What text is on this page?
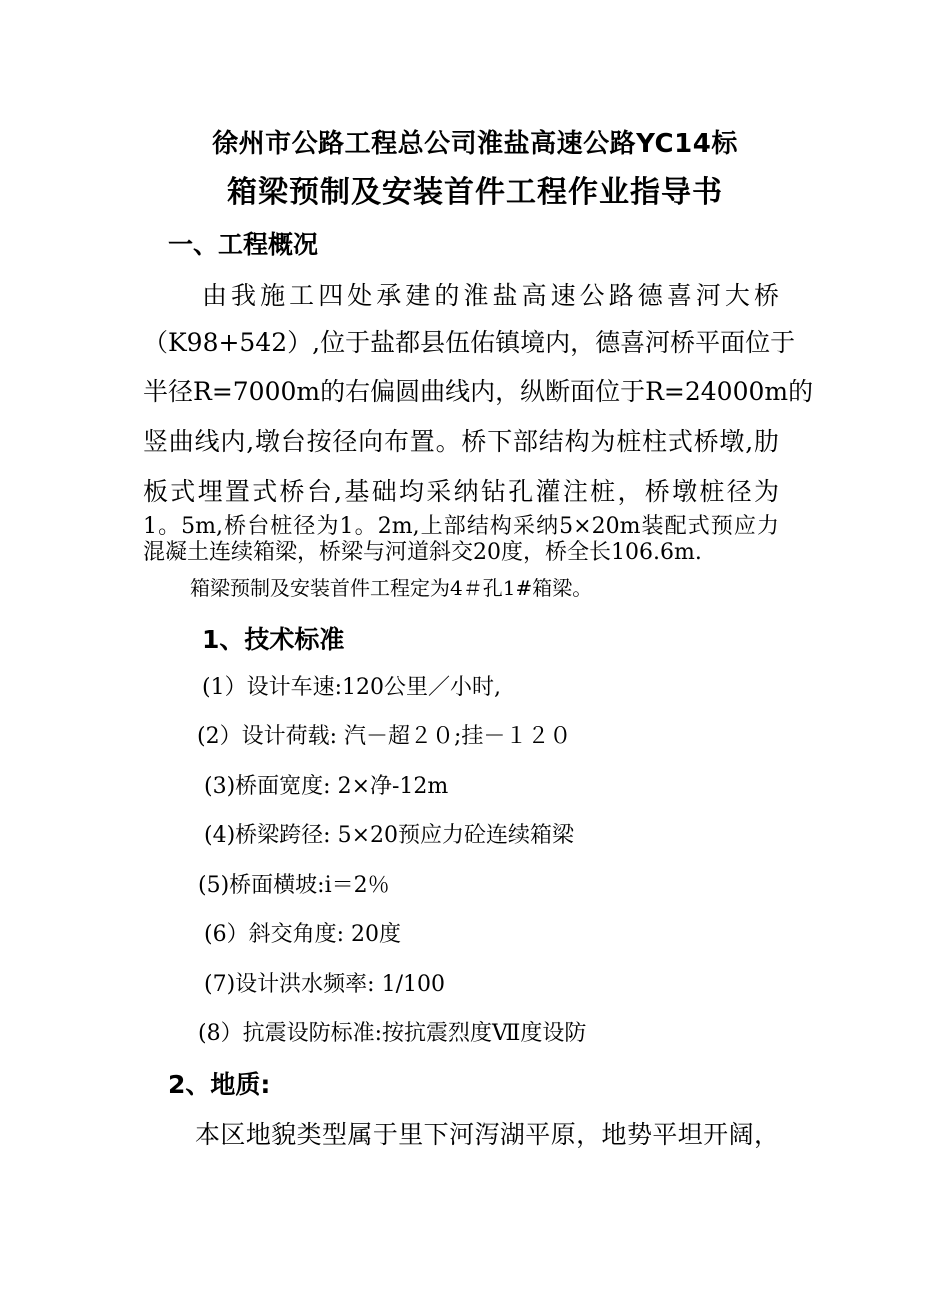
徐州市公路工程总公司淮盐高速公路YC14标
箱梁预制及安装首件工程作业指导书
一、工程概况
由我施工四处承建的淮盐高速公路德喜河大桥
（K98+542）,位于盐都县伍佑镇境内，德喜河桥平面位于
半径R=7000m的右偏圆曲线内，纵断面位于R=24000m的
竖曲线内,墩台按径向布置。桥下部结构为桩柱式桥墩,肋
板式埋置式桥台,基础均采纳钻孔灌注桩，桥墩桩径为
1。5m,桥台桩径为1。2m,上部结构采纳5×20m装配式预应力
混凝土连续箱梁，桥梁与河道斜交20度，桥全长106.6m.
箱梁预制及安装首件工程定为4＃孔1#箱梁。
1、技术标准
(1）设计车速:120公里／小时,
(2）设计荷载: 汽－超２０;挂－１２０
(3)桥面宽度: 2×净-12m
(4)桥梁跨径: 5×20预应力砼连续箱梁
(5)桥面横坡:i＝2％
(6）斜交角度: 20度
(7)设计洪水频率: 1/100
(8）抗震设防标准:按抗震烈度Ⅶ度设防
2、地质:
本区地貌类型属于里下河泻湖平原，地势平坦开阔，
